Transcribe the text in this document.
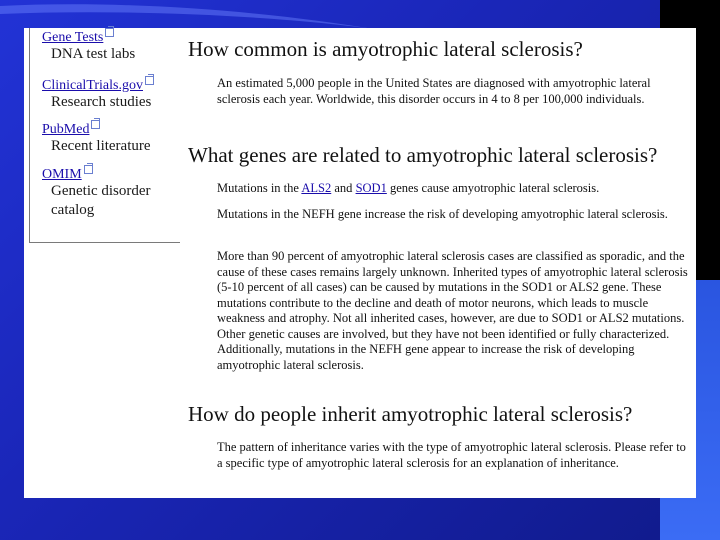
Gene Tests
DNA test labs
ClinicalTrials.gov
Research studies
PubMed
Recent literature
OMIM
Genetic disorder
catalog
How common is amyotrophic lateral sclerosis?
An estimated 5,000 people in the United States are diagnosed with amyotrophic lateral sclerosis each year. Worldwide, this disorder occurs in 4 to 8 per 100,000 individuals.
What genes are related to amyotrophic lateral sclerosis?
Mutations in the ALS2 and SOD1 genes cause amyotrophic lateral sclerosis.
Mutations in the NEFH gene increase the risk of developing amyotrophic lateral sclerosis.
More than 90 percent of amyotrophic lateral sclerosis cases are classified as sporadic, and the cause of these cases remains largely unknown. Inherited types of amyotrophic lateral sclerosis (5-10 percent of all cases) can be caused by mutations in the SOD1 or ALS2 gene. These mutations contribute to the decline and death of motor neurons, which leads to muscle weakness and atrophy. Not all inherited cases, however, are due to SOD1 or ALS2 mutations. Other genetic causes are involved, but they have not been identified or fully characterized. Additionally, mutations in the NEFH gene appear to increase the risk of developing amyotrophic lateral sclerosis.
How do people inherit amyotrophic lateral sclerosis?
The pattern of inheritance varies with the type of amyotrophic lateral sclerosis. Please refer to a specific type of amyotrophic lateral sclerosis for an explanation of inheritance.
